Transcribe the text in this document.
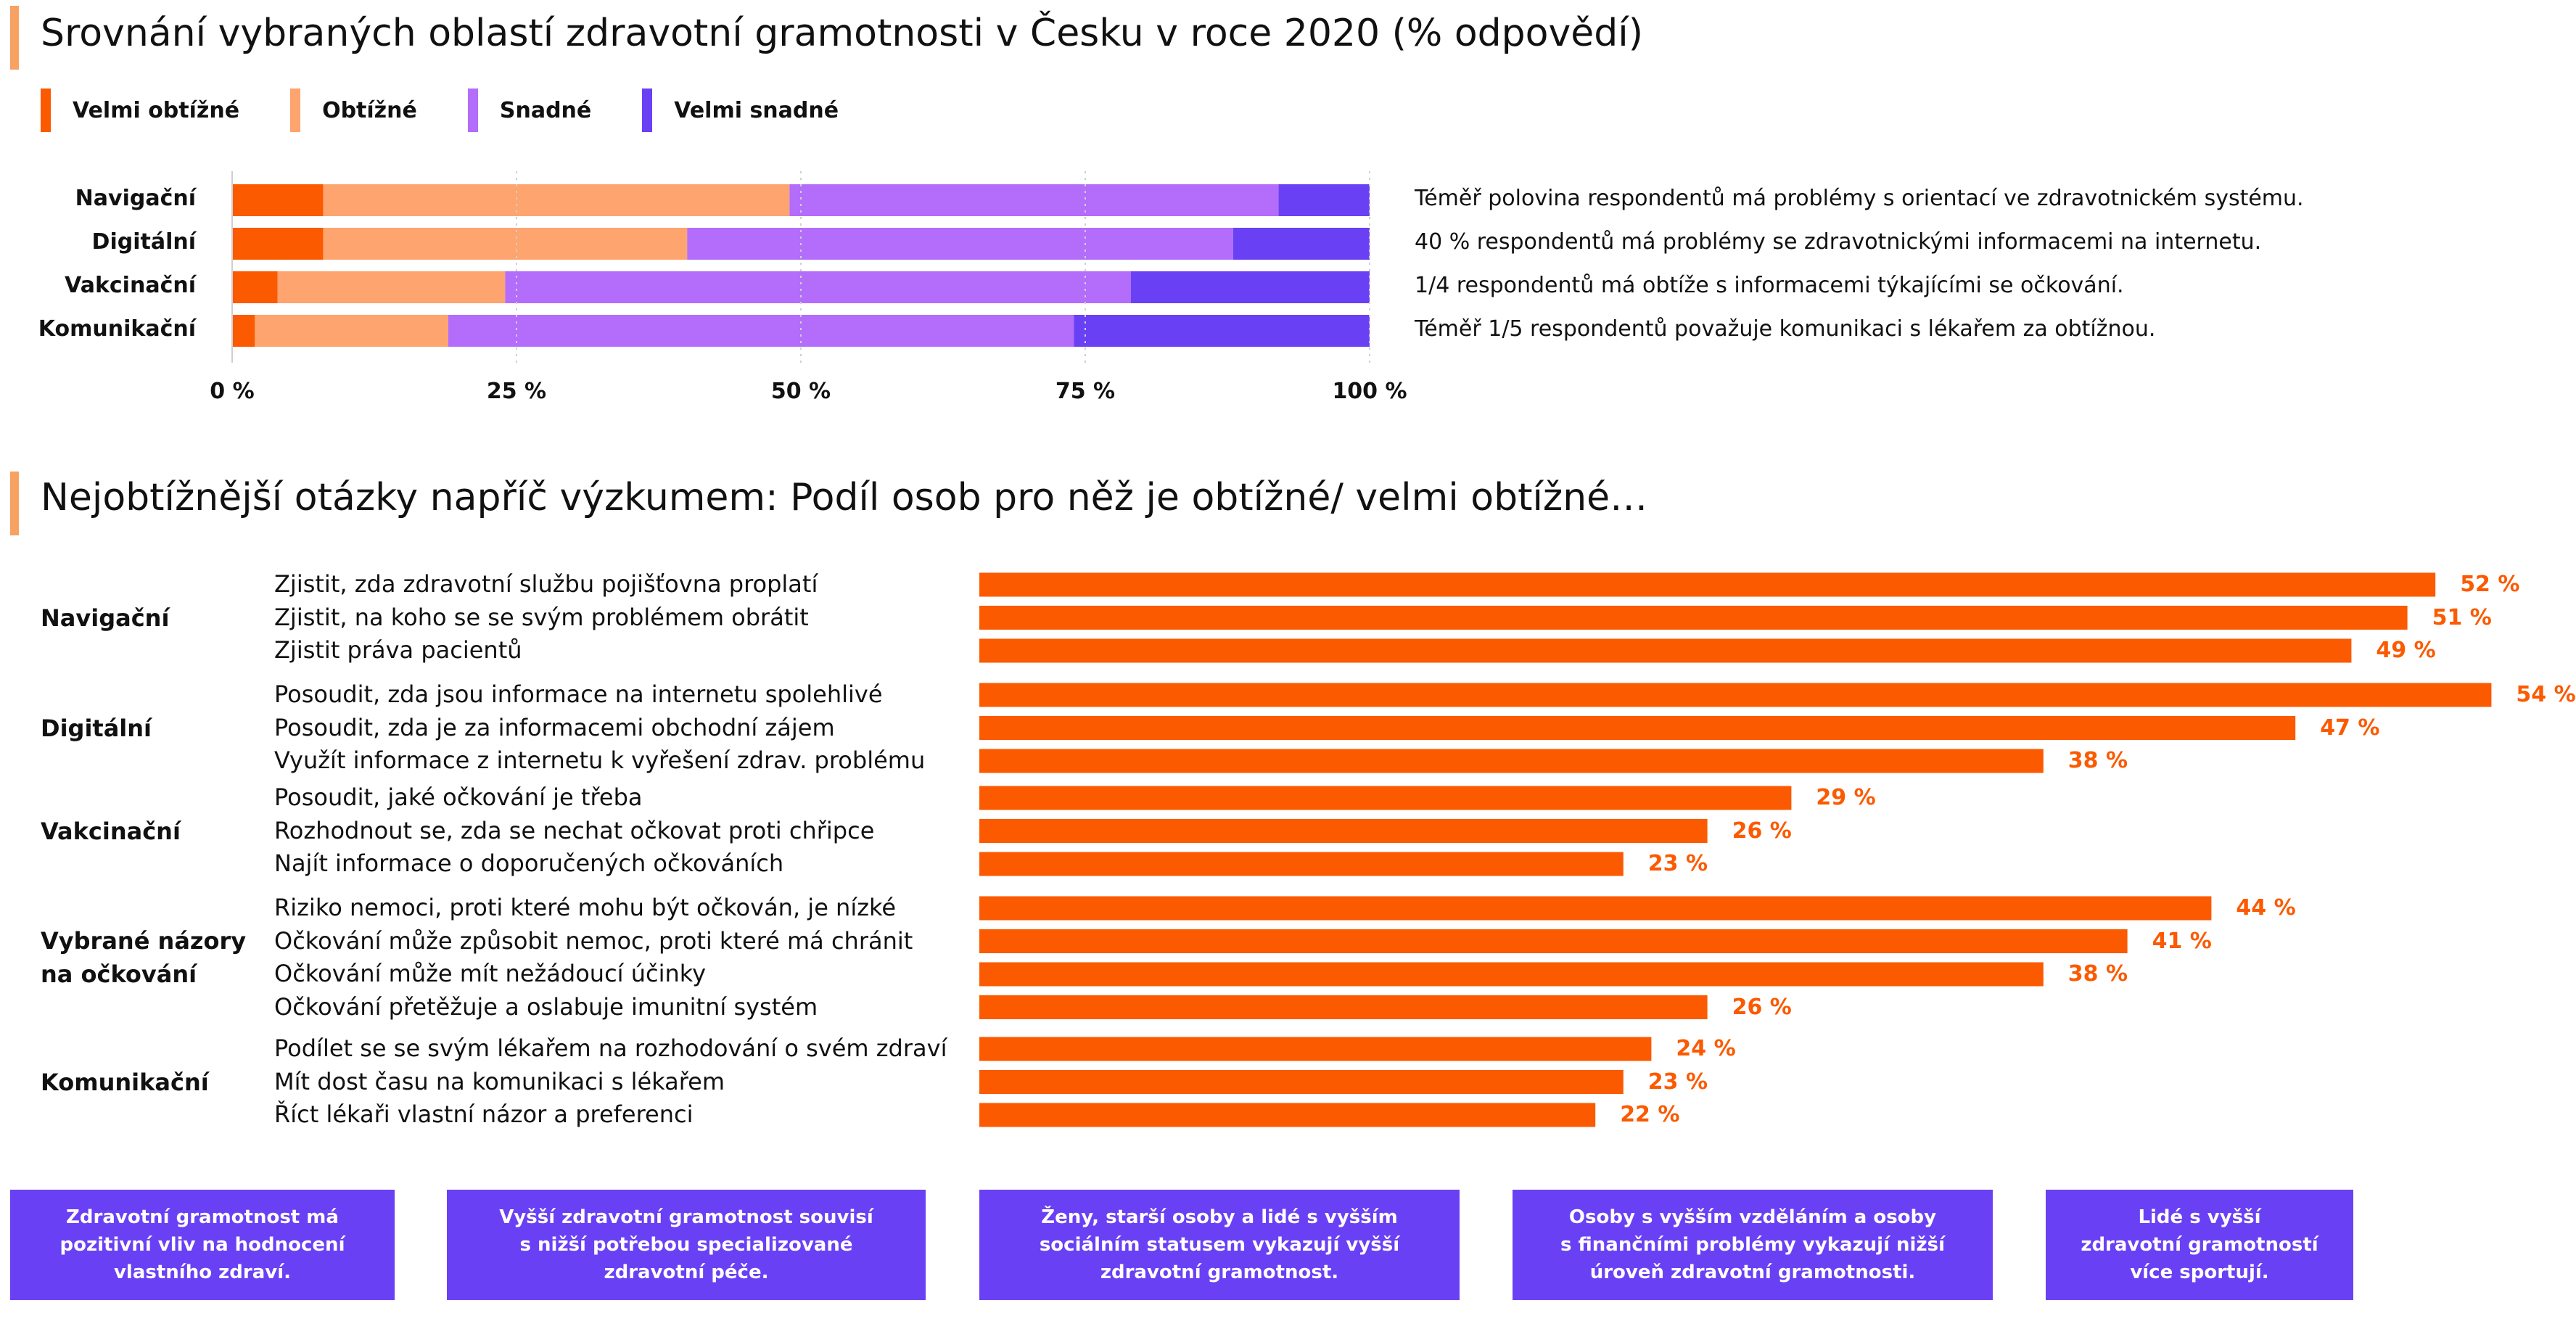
Srovnání vybraných oblastí zdravotní gramotnosti v Česku v roce 2020 (% odpovědí)
Velmi obtížné	Obtížné	Snadné	Velmi snadné
Nejobtížnější otázky napříč výzkumem: Podíl osob pro něž je obtížné/ velmi obtížné…
Navigační	Téměř polovina respondentů má problémy s orientací ve zdravotnickém systému.
Digitální	40 % respondentů má problémy se zdravotnickými informacemi na internetu.
Vakcinační	1/4 respondentů má obtíže s informacemi týkajícími se očkování.
Komunikační	Téměř 1/5 respondentů považuje komunikaci s lékařem za obtížnou.
0 %	25 %	50 %	75 %	100 %
Navigační
Zjistit, zda zdravotní službu pojišťovna proplatí	52 %
Zjistit, na koho se se svým problémem obrátit	51 %
Zjistit práva pacientů	49 %
Digitální
Posoudit, zda jsou informace na internetu spolehlivé	54 %
Posoudit, zda je za informacemi obchodní zájem	47 %
Využít informace z internetu k vyřešení zdrav. problému	38 %
Vakcinační
Posoudit, jaké očkování je třeba	29 %
Rozhodnout se, zda se nechat očkovat proti chřipce	26 %
Najít informace o doporučených očkováních	23 %
Vybrané názory
na očkování
Riziko nemoci, proti které mohu být očkován, je nízké	44 %
Očkování může způsobit nemoc, proti které má chránit	41 %
Očkování může mít nežádoucí účinky	38 %
Očkování přetěžuje a oslabuje imunitní systém	26 %
Komunikační
Podílet se se svým lékařem na rozhodování o svém zdraví	24 %
Mít dost času na komunikaci s lékařem	23 %
Říct lékaři vlastní názor a preferenci	22 %
Zdravotní gramotnost má
pozitivní vliv na hodnocení
vlastního zdraví.
Vyšší zdravotní gramotnost souvisí
s nižší potřebou specializované
zdravotní péče.
Ženy, starší osoby a lidé s vyšším
sociálním statusem vykazují vyšší
zdravotní gramotnost.
Osoby s vyšším vzděláním a osoby
s finančními problémy vykazují nižší
úroveň zdravotní gramotnosti.
Lidé s vyšší
zdravotní gramotností
více sportují.
